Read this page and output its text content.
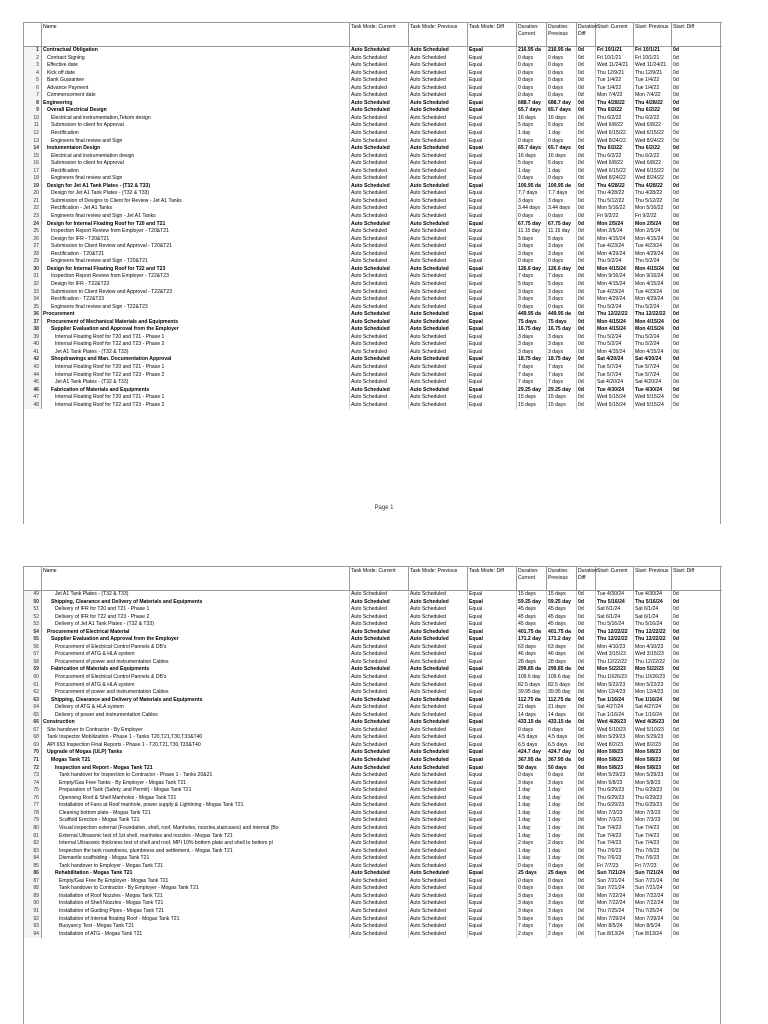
	Name	Task Mode: Current	Task Mode: Previous	Task Mode: Diff	Duration: Current	Duration: Previous	Duration: Diff	Start: Current	Start: Previous	Start: Diff
1	Contractual Obligation	Auto Scheduled	Auto Scheduled	Equal	216.95 da	216.95 da	0d	Fri 10/1/21	Fri 10/1/21	0d
2	Contract Signing	Auto Scheduled	Auto Scheduled	Equal	0 days	0 days	0d	Fri 10/1/21	Fri 10/1/21	0d
3	Effective date	Auto Scheduled	Auto Scheduled	Equal	0 days	0 days	0d	Wed 11/24/21	Wed 11/24/21	0d
4	Kick off date	Auto Scheduled	Auto Scheduled	Equal	0 days	0 days	0d	Thu 12/9/21	Thu 12/9/21	0d
5	Bank Guarantee	Auto Scheduled	Auto Scheduled	Equal	0 days	0 days	0d	Tue 1/4/22	Tue 1/4/22	0d
6	Advance Payment	Auto Scheduled	Auto Scheduled	Equal	0 days	0 days	0d	Tue 1/4/22	Tue 1/4/22	0d
7	Commencement date	Auto Scheduled	Auto Scheduled	Equal	0 days	0 days	0d	Mon 7/4/22	Mon 7/4/22	0d
8	Engineering	Auto Scheduled	Auto Scheduled	Equal	688.7 day	688.7 day	0d	Thu 4/28/22	Thu 4/28/22	0d
9	Overall Electrical Design	Auto Scheduled	Auto Scheduled	Equal	65.7 days	65.7 days	0d	Thu 6/2/22	Thu 6/2/22	0d
10	Electrical and instrumentation,Tekom design	Auto Scheduled	Auto Scheduled	Equal	16 days	16 days	0d	Thu 6/2/22	Thu 6/2/22	0d
11	Submssion to client for Approval	Auto Scheduled	Auto Scheduled	Equal	5 days	5 days	0d	Wed 6/8/22	Wed 6/8/22	0d
12	Rectification	Auto Scheduled	Auto Scheduled	Equal	1 day	1 day	0d	Wed 6/15/22	Wed 6/15/22	0d
13	Engineers final review and Sign	Auto Scheduled	Auto Scheduled	Equal	0 days	0 days	0d	Wed 8/24/22	Wed 8/24/22	0d
14	Instumentaion Design	Auto Scheduled	Auto Scheduled	Equal	65.7 days	65.7 days	0d	Thu 6/2/22	Thu 6/2/22	0d
15	Electrical and instrumentation design	Auto Scheduled	Auto Scheduled	Equal	16 days	16 days	0d	Thu 6/2/22	Thu 6/2/22	0d
16	Submssion to client for Approval	Auto Scheduled	Auto Scheduled	Equal	5 days	5 days	0d	Wed 6/8/22	Wed 6/8/22	0d
17	Rectification	Auto Scheduled	Auto Scheduled	Equal	1 day	1 day	0d	Wed 6/15/22	Wed 6/15/22	0d
18	Engineers final review and Sign	Auto Scheduled	Auto Scheduled	Equal	0 days	0 days	0d	Wed 8/24/22	Wed 8/24/22	0d
19	Design for Jet A1 Tank Plates - (T32 & T33)	Auto Scheduled	Auto Scheduled	Equal	100.95 da	100.95 da	0d	Thu 4/28/22	Thu 4/28/22	0d
20	Design for Jet A1 Tank Plates - (T32 & T33)	Auto Scheduled	Auto Scheduled	Equal	7.7 days	7.7 days	0d	Thu 4/28/22	Thu 4/28/22	0d
21	Submission of Designs to Client for Review - Jet A1 Tanks	Auto Scheduled	Auto Scheduled	Equal	3 days	3 days	0d	Thu 5/12/22	Thu 5/12/22	0d
22	Rectification - Jet A1 Tanks	Auto Scheduled	Auto Scheduled	Equal	3.44 days	3.44 days	0d	Mon 5/16/22	Mon 5/16/22	0d
23	Engineers final review and Sign - Jet A1 Tanks	Auto Scheduled	Auto Scheduled	Equal	0 days	0 days	0d	Fri 9/2/22	Fri 9/2/22	0d
24	Design for Internal Floating Roof for T20 and T21	Auto Scheduled	Auto Scheduled	Equal	67.75 day	67.75 day	0d	Mon 2/5/24	Mon 2/5/24	0d
25	Inspection Report Review from Employer - T20&T21	Auto Scheduled	Auto Scheduled	Equal	11.15 day	11.15 day	0d	Mon 2/5/24	Mon 2/5/24	0d
26	Design for IFR - T20&T21	Auto Scheduled	Auto Scheduled	Equal	5 days	5 days	0d	Mon 4/15/24	Mon 4/15/24	0d
27	Submission to Client Review and Approval - T20&T21	Auto Scheduled	Auto Scheduled	Equal	3 days	3 days	0d	Tue 4/23/24	Tue 4/23/24	0d
28	Rectification - T20&T21	Auto Scheduled	Auto Scheduled	Equal	3 days	3 days	0d	Mon 4/29/24	Mon 4/29/24	0d
29	Engineers final review and Sign - T20&T21	Auto Scheduled	Auto Scheduled	Equal	0 days	0 days	0d	Thu 5/2/24	Thu 5/2/24	0d
30	Design for Internal Floating Roof for T22 and T23	Auto Scheduled	Auto Scheduled	Equal	126.6 day	126.6 day	0d	Mon 4/15/24	Mon 4/15/24	0d
31	Inspection Report Review from Employer - T22&T23	Auto Scheduled	Auto Scheduled	Equal	7 days	7 days	0d	Mon 9/16/24	Mon 9/16/24	0d
32	Design for IFR - T22&T23	Auto Scheduled	Auto Scheduled	Equal	5 days	5 days	0d	Mon 4/15/24	Mon 4/15/24	0d
33	Submission to Client Review and Approval - T22&T23	Auto Scheduled	Auto Scheduled	Equal	3 days	3 days	0d	Tue 4/23/24	Tue 4/23/24	0d
34	Rectification - T22&T23	Auto Scheduled	Auto Scheduled	Equal	3 days	3 days	0d	Mon 4/29/24	Mon 4/29/24	0d
35	Engineers final review and Sign - T22&T23	Auto Scheduled	Auto Scheduled	Equal	0 days	0 days	0d	Thu 5/2/24	Thu 5/2/24	0d
36	Procurement	Auto Scheduled	Auto Scheduled	Equal	449.95 da	449.95 da	0d	Thu 12/22/22	Thu 12/22/22	0d
37	Procurement of Mechanical Materials and Equipments	Auto Scheduled	Auto Scheduled	Equal	75 days	75 days	0d	Mon 4/15/24	Mon 4/15/24	0d
38	Supplier Evaluation and Approval from the Employer	Auto Scheduled	Auto Scheduled	Equal	16.75 day	16.75 day	0d	Mon 4/15/24	Mon 4/15/24	0d
39	Internal Floating Roof for T20 and T21 - Phase 1	Auto Scheduled	Auto Scheduled	Equal	3 days	3 days	0d	Thu 5/2/24	Thu 5/2/24	0d
40	Internal Floating Roof for T22 and T23 - Phase 2	Auto Scheduled	Auto Scheduled	Equal	3 days	3 days	0d	Thu 5/2/24	Thu 5/2/24	0d
41	Jet A1 Tank Plates - (T32 & T33)	Auto Scheduled	Auto Scheduled	Equal	3 days	3 days	0d	Mon 4/15/24	Mon 4/15/24	0d
42	Shopdrawings and Man. Documentation Approval	Auto Scheduled	Auto Scheduled	Equal	18.75 day	18.75 day	0d	Sat 4/20/24	Sat 4/20/24	0d
43	Internal Floating Roof for T20 and T21 - Phase 1	Auto Scheduled	Auto Scheduled	Equal	7 days	7 days	0d	Tue 5/7/24	Tue 5/7/24	0d
44	Internal Floating Roof for T22 and T23 - Phase 2	Auto Scheduled	Auto Scheduled	Equal	7 days	7 days	0d	Tue 5/7/24	Tue 5/7/24	0d
45	Jet A1 Tank Plates - (T32 & T33)	Auto Scheduled	Auto Scheduled	Equal	7 days	7 days	0d	Sat 4/20/24	Sat 4/20/24	0d
46	Fabrication of Materials and Equipments	Auto Scheduled	Auto Scheduled	Equal	29.25 day	29.25 day	0d	Tue 4/30/24	Tue 4/30/24	0d
47	Internal Floating Roof for T20 and T21 - Phase 1	Auto Scheduled	Auto Scheduled	Equal	15 days	15 days	0d	Wed 5/15/24	Wed 5/15/24	0d
48	Internal Floating Roof for T22 and T23 - Phase 2	Auto Scheduled	Auto Scheduled	Equal	15 days	15 days	0d	Wed 5/15/24	Wed 5/15/24	0d
Page 1
	Name	Task Mode: Current	Task Mode: Previous	Task Mode: Diff	Duration: Current	Duration: Previous	Duration: Diff	Start: Current	Start: Previous	Start: Diff
49	Jet A1 Tank Plates - (T32 & T33)	Auto Scheduled	Auto Scheduled	Equal	15 days	15 days	0d	Tue 4/30/24	Tue 4/30/24	0d
50	Shipping, Clearance and Delivery of Materials and Equipments	Auto Scheduled	Auto Scheduled	Equal	59.25 day	59.25 day	0d	Thu 5/16/24	Thu 5/16/24	0d
51	Delivery of IFR for T20 and T21 - Phase 1	Auto Scheduled	Auto Scheduled	Equal	45 days	45 days	0d	Sat 6/1/24	Sat 6/1/24	0d
52	Delivery of IFR for T22 and T23 - Phase 2	Auto Scheduled	Auto Scheduled	Equal	45 days	45 days	0d	Sat 6/1/24	Sat 6/1/24	0d
53	Delivery of Jet A1 Tank Plates - (T32 & T33)	Auto Scheduled	Auto Scheduled	Equal	45 days	45 days	0d	Thu 5/16/24	Thu 5/16/24	0d
54	Procurement of Electrical Material	Auto Scheduled	Auto Scheduled	Equal	401.75 da	401.75 da	0d	Thu 12/22/22	Thu 12/22/22	0d
55	Supplier Evaluation and Approval from the Employer	Auto Scheduled	Auto Scheduled	Equal	171.2 day	171.2 day	0d	Thu 12/22/22	Thu 12/22/22	0d
56	Procurement of Electrical Control Pannels & DB's	Auto Scheduled	Auto Scheduled	Equal	63 days	63 days	0d	Mon 4/10/23	Mon 4/10/23	0d
57	Procurement of ATG & HLA system	Auto Scheduled	Auto Scheduled	Equal	46 days	46 days	0d	Wed 3/15/23	Wed 3/15/23	0d
58	Procurement of power and instrumentation Cables	Auto Scheduled	Auto Scheduled	Equal	28 days	28 days	0d	Thu 12/22/22	Thu 12/22/22	0d
59	Fabrication of Materials and Equipments	Auto Scheduled	Auto Scheduled	Equal	299.85 da	299.85 da	0d	Mon 5/22/23	Mon 5/22/23	0d
60	Procurement of Electrical Control Pannels & DB's	Auto Scheduled	Auto Scheduled	Equal	109.6 day	109.6 day	0d	Thu 10/26/23	Thu 10/26/23	0d
61	Procurement of ATG & HLA system	Auto Scheduled	Auto Scheduled	Equal	82.5 days	82.5 days	0d	Mon 5/22/23	Mon 5/22/23	0d
62	Procurement of power and instrumentation Cables	Auto Scheduled	Auto Scheduled	Equal	39.95 day	39.95 day	0d	Mon 12/4/23	Mon 12/4/23	0d
63	Shipping, Clearance and Delivery of Materials and Equipments	Auto Scheduled	Auto Scheduled	Equal	112.75 da	112.75 da	0d	Tue 1/16/24	Tue 1/16/24	0d
64	Delivery of ATG & HLA system	Auto Scheduled	Auto Scheduled	Equal	21 days	21 days	0d	Sat 4/27/24	Sat 4/27/24	0d
65	Delivery of power and instrumentation Cables	Auto Scheduled	Auto Scheduled	Equal	14 days	14 days	0d	Tue 1/16/24	Tue 1/16/24	0d
66	Construction	Auto Scheduled	Auto Scheduled	Equal	433.15 da	433.15 da	0d	Wed 4/26/23	Wed 4/26/23	0d
67	Site handover to Contractor - By Employer	Auto Scheduled	Auto Scheduled	Equal	0 days	0 days	0d	Wed 5/10/23	Wed 5/10/23	0d
68	Tank Inspector Mobilization - Phase 1 - Tanks T20,T21,T30,T33&T40	Auto Scheduled	Auto Scheduled	Equal	4.5 days	4.5 days	0d	Mon 5/29/23	Mon 5/29/23	0d
69	API 653 Inspection Final Reports - Phase 1 - T20,T21,T30,T33&T40	Auto Scheduled	Auto Scheduled	Equal	6.5 days	6.5 days	0d	Wed 8/2/23	Wed 8/2/23	0d
70	Upgrade of Mogas (ULP) Tanks	Auto Scheduled	Auto Scheduled	Equal	424.7 day	424.7 day	0d	Mon 5/8/23	Mon 5/8/23	0d
71	Mogas Tank T21	Auto Scheduled	Auto Scheduled	Equal	367.95 da	367.95 da	0d	Mon 5/8/23	Mon 5/8/23	0d
72	Inspection and Report - Mogas Tank T21	Auto Scheduled	Auto Scheduled	Equal	50 days	50 days	0d	Mon 5/8/23	Mon 5/8/23	0d
73	Tank handover for Inspection to Contractor - Phase 1 - Tanks 20&21	Auto Scheduled	Auto Scheduled	Equal	0 days	0 days	0d	Mon 5/29/23	Mon 5/29/23	0d
74	Empty/Gas Free Tanks - By Employer - Mogas Tank T21	Auto Scheduled	Auto Scheduled	Equal	3 days	3 days	0d	Mon 5/8/23	Mon 5/8/23	0d
75	Preparation of Tank (Safety, and Permit) - Mogas Tank T21	Auto Scheduled	Auto Scheduled	Equal	1 day	1 day	0d	Thu 6/29/23	Thu 6/29/23	0d
76	Openning Roof & Shell Manholes - Mogas Tank T21	Auto Scheduled	Auto Scheduled	Equal	1 day	1 day	0d	Thu 6/29/23	Thu 6/29/23	0d
77	Installation of Fans at Roof manhole, power supply & Lightining - Mogas Tank T21	Auto Scheduled	Auto Scheduled	Equal	1 day	1 day	0d	Thu 6/29/23	Thu 6/29/23	0d
78	Cleaning bottom plate - Mogas Tank T21	Auto Scheduled	Auto Scheduled	Equal	1 day	1 day	0d	Mon 7/3/23	Mon 7/3/23	0d
79	Scaffold Erection - Mogas Tank T21	Auto Scheduled	Auto Scheduled	Equal	1 day	1 day	0d	Mon 7/3/23	Mon 7/3/23	0d
80	Visual inspection external (Foundation, shell, roof, Manholes, nozzles,staircases) and internal (Bo	Auto Scheduled	Auto Scheduled	Equal	1 day	1 day	0d	Tue 7/4/23	Tue 7/4/23	0d
81	External Ultrasonic test of 1st shell, manholes and nozzles - Mogas Tank T21	Auto Scheduled	Auto Scheduled	Equal	1 day	1 day	0d	Tue 7/4/23	Tue 7/4/23	0d
82	Internal Ultrasonic thickness test of shell and roof, MPI 10% bottom plate and shell to bottom pl	Auto Scheduled	Auto Scheduled	Equal	2 days	2 days	0d	Tue 7/4/23	Tue 7/4/23	0d
83	Inspection the tank roundness, plumbness and settlement. - Mogas Tank T21	Auto Scheduled	Auto Scheduled	Equal	1 day	1 day	0d	Thu 7/6/23	Thu 7/6/23	0d
84	Dismantle scaffolding - Mogas Tank T21	Auto Scheduled	Auto Scheduled	Equal	1 day	1 day	0d	Thu 7/6/23	Thu 7/6/23	0d
85	Tank handover to Employer - Mogas Tank T21	Auto Scheduled	Auto Scheduled	Equal	0 days	0 days	0d	Fri 7/7/23	Fri 7/7/23	0d
86	Rehabilitation - Mogas Tank T21	Auto Scheduled	Auto Scheduled	Equal	25 days	25 days	0d	Sun 7/21/24	Sun 7/21/24	0d
87	Empty/Gas Free By Employer - Mogas Tank T21	Auto Scheduled	Auto Scheduled	Equal	0 days	0 days	0d	Sun 7/21/24	Sun 7/21/24	0d
88	Tank handover to Contractor - By Employer - Mogas Tank T21	Auto Scheduled	Auto Scheduled	Equal	0 days	0 days	0d	Sun 7/21/24	Sun 7/21/24	0d
89	Installation of Roof Nozzles - Mogas Tank T21	Auto Scheduled	Auto Scheduled	Equal	3 days	3 days	0d	Mon 7/22/24	Mon 7/22/24	0d
90	Installation of Shell Nozzles - Mogas Tank T21	Auto Scheduled	Auto Scheduled	Equal	3 days	3 days	0d	Mon 7/22/24	Mon 7/22/24	0d
91	Installation of Guiding Pipes - Mogas Tank T21	Auto Scheduled	Auto Scheduled	Equal	3 days	3 days	0d	Thu 7/25/24	Thu 7/25/24	0d
92	Installation of Internal floating Roof - Mogas Tank T21	Auto Scheduled	Auto Scheduled	Equal	5 days	5 days	0d	Mon 7/29/24	Mon 7/29/24	0d
93	Buoyancy Test - Mogas Tank T21	Auto Scheduled	Auto Scheduled	Equal	7 days	7 days	0d	Mon 8/5/24	Mon 8/5/24	0d
94	Installation of ATG - Mogas Tank T21	Auto Scheduled	Auto Scheduled	Equal	2 days	2 days	0d	Tue 8/13/24	Tue 8/13/24	0d
